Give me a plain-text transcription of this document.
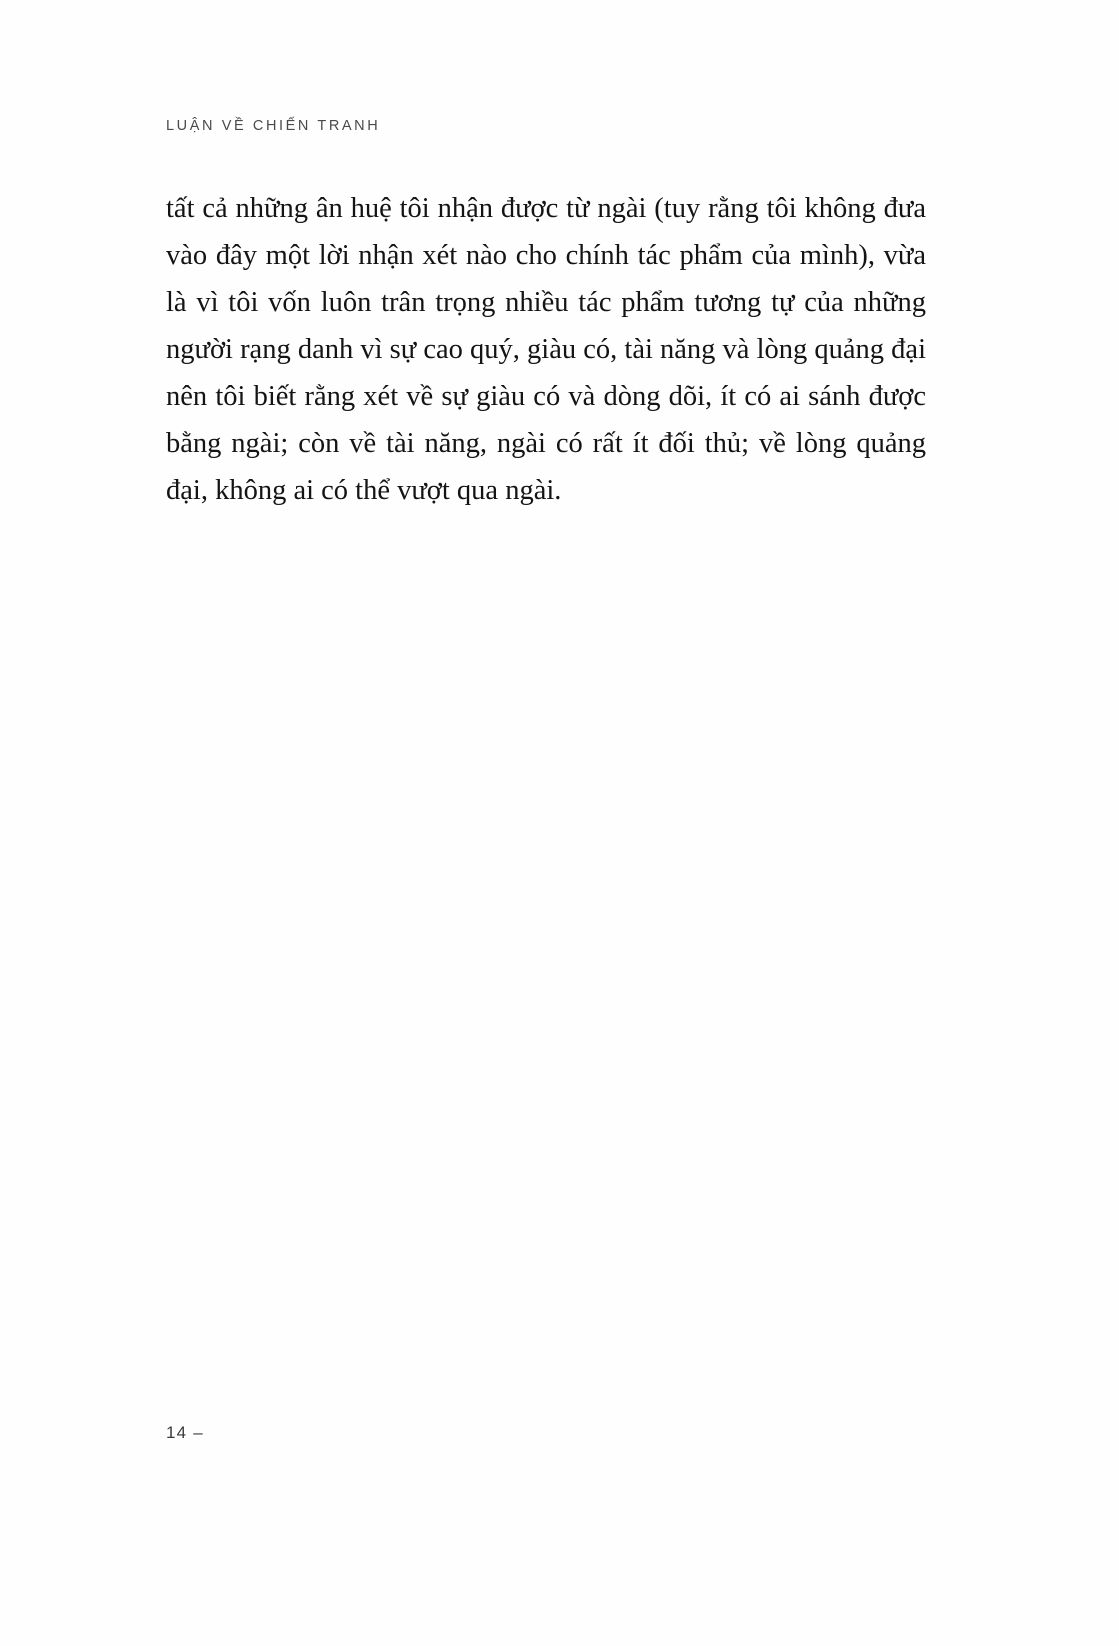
LUẬN VỀ CHIẾN TRANH

tất cả những ân huệ tôi nhận được từ ngài (tuy rằng tôi không đưa vào đây một lời nhận xét nào cho chính tác phẩm của mình), vừa là vì tôi vốn luôn trân trọng nhiều tác phẩm tương tự của những người rạng danh vì sự cao quý, giàu có, tài năng và lòng quảng đại nên tôi biết rằng xét về sự giàu có và dòng dõi, ít có ai sánh được bằng ngài; còn về tài năng, ngài có rất ít đối thủ; về lòng quảng đại, không ai có thể vượt qua ngài.

14 –
